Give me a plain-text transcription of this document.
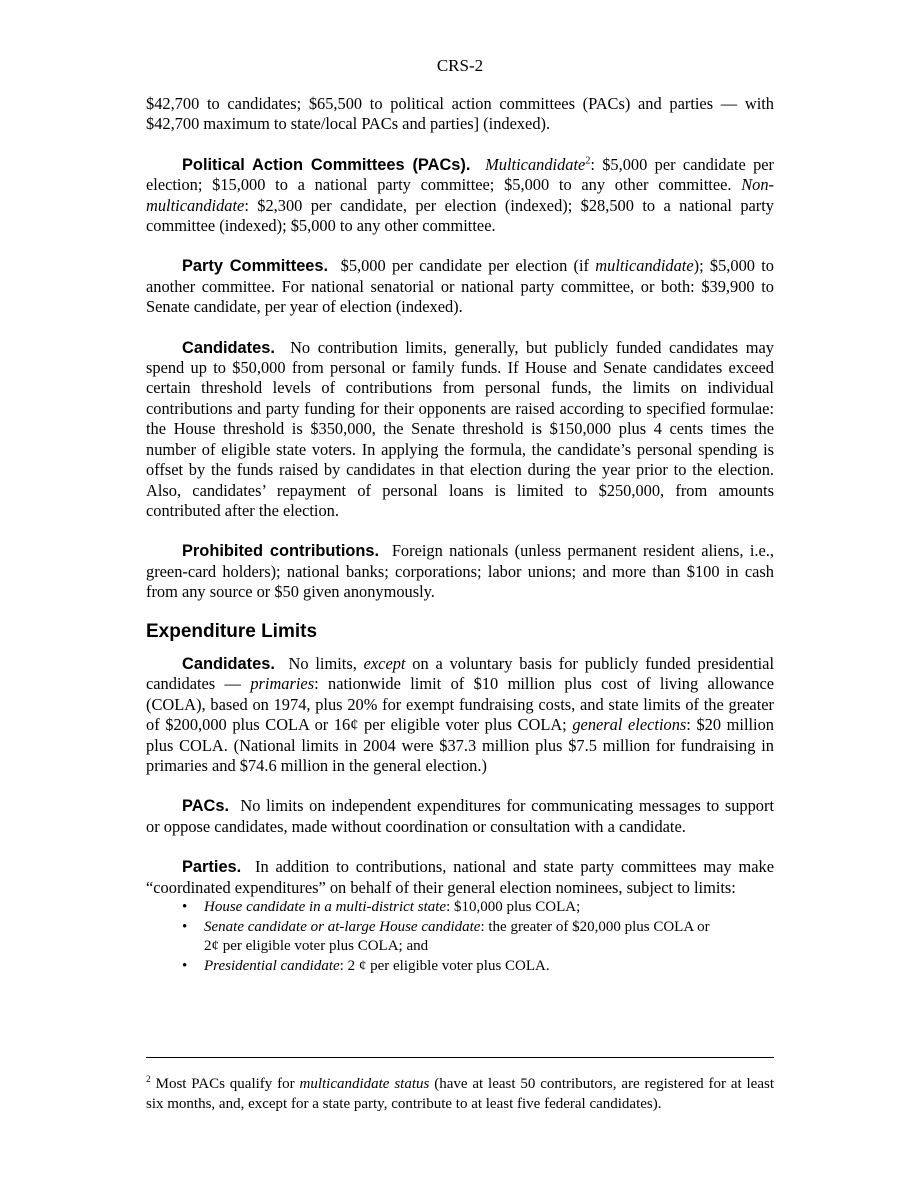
CRS-2

$42,700 to candidates; $65,500 to political action committees (PACs) and parties — with $42,700 maximum to state/local PACs and parties] (indexed).

Political Action Committees (PACs). Multicandidate$^2$: $5,000 per candidate per election; $15,000 to a national party committee; $5,000 to any other committee. Non-multicandidate: $2,300 per candidate, per election (indexed); $28,500 to a national party committee (indexed); $5,000 to any other committee.

Party Committees. $5,000 per candidate per election (if multicandidate); $5,000 to another committee. For national senatorial or national party committee, or both: $39,900 to Senate candidate, per year of election (indexed).

Candidates. No contribution limits, generally, but publicly funded candidates may spend up to $50,000 from personal or family funds. If House and Senate candidates exceed certain threshold levels of contributions from personal funds, the limits on individual contributions and party funding for their opponents are raised according to specified formulae: the House threshold is $350,000, the Senate threshold is $150,000 plus 4 cents times the number of eligible state voters. In applying the formula, the candidate’s personal spending is offset by the funds raised by candidates in that election during the year prior to the election. Also, candidates’ repayment of personal loans is limited to $250,000, from amounts contributed after the election.

Prohibited contributions. Foreign nationals (unless permanent resident aliens, i.e., green-card holders); national banks; corporations; labor unions; and more than $100 in cash from any source or $50 given anonymously.

Expenditure Limits

Candidates. No limits, except on a voluntary basis for publicly funded presidential candidates — primaries: nationwide limit of $10 million plus cost of living allowance (COLA), based on 1974, plus 20% for exempt fundraising costs, and state limits of the greater of $200,000 plus COLA or 16¢ per eligible voter plus COLA; general elections: $20 million plus COLA. (National limits in 2004 were $37.3 million plus $7.5 million for fundraising in primaries and $74.6 million in the general election.)

PACs. No limits on independent expenditures for communicating messages to support or oppose candidates, made without coordination or consultation with a candidate.

Parties. In addition to contributions, national and state party committees may make “coordinated expenditures” on behalf of their general election nominees, subject to limits:

• House candidate in a multi-district state: $10,000 plus COLA;
• Senate candidate or at-large House candidate: the greater of $20,000 plus COLA or 2¢ per eligible voter plus COLA; and
• Presidential candidate: 2 ¢ per eligible voter plus COLA.
$^2$ Most PACs qualify for multicandidate status (have at least 50 contributors, are registered for at least six months, and, except for a state party, contribute to at least five federal candidates).
